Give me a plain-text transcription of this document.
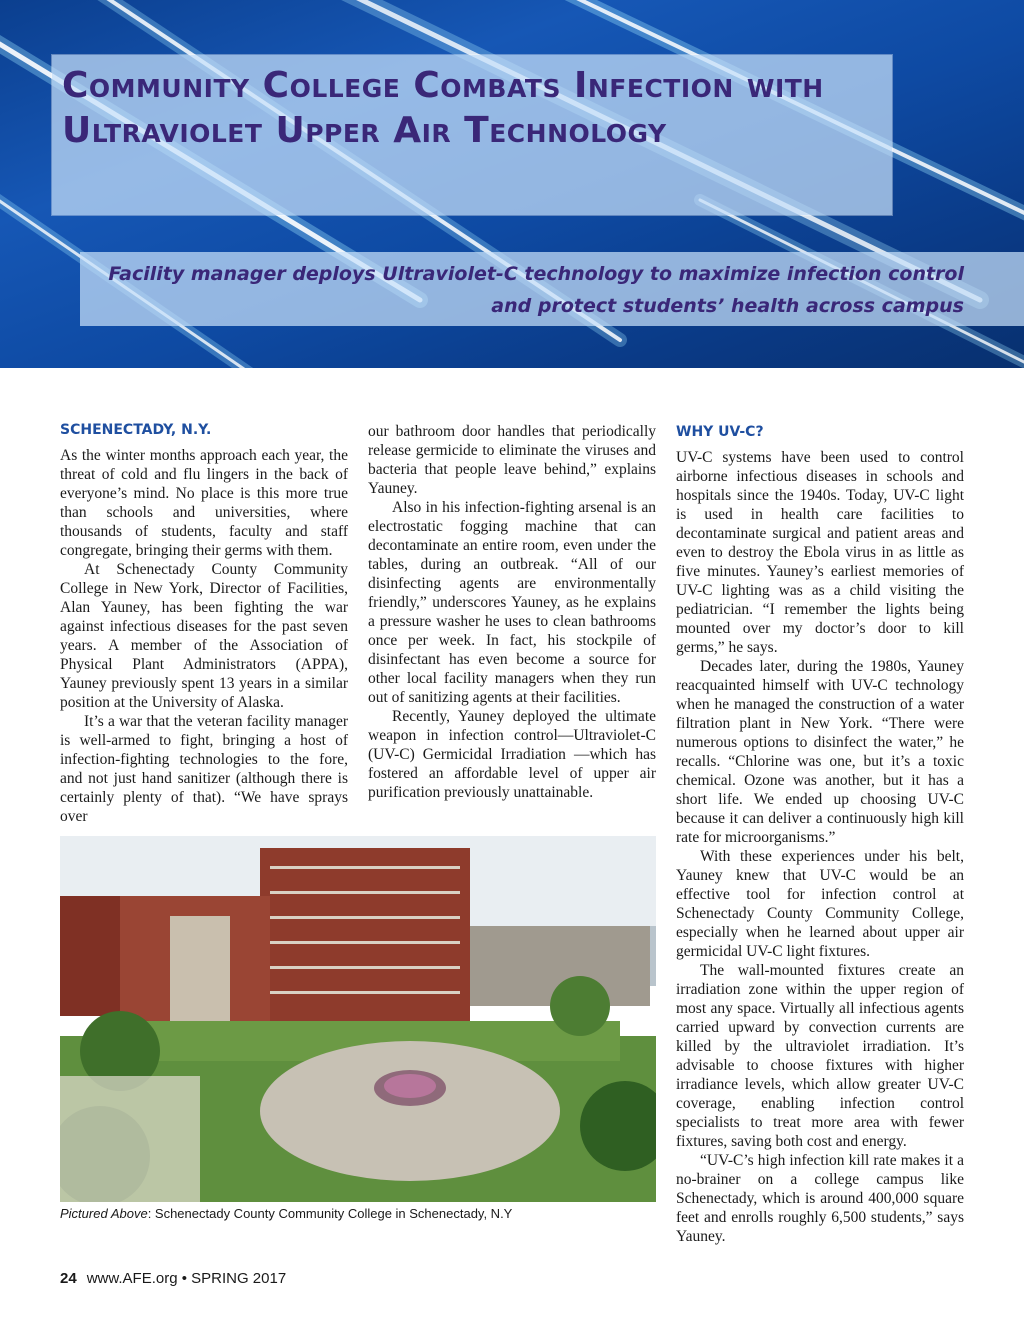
Community College Combats Infection with Ultraviolet Upper Air Technology

Facility manager deploys Ultraviolet-C technology to maximize infection control
and protect students’ health across campus

SCHENECTADY, N.Y.

As the winter months approach each year, the threat of cold and flu lingers in the back of everyone’s mind. No place is this more true than schools and universities, where thousands of students, faculty and staff congregate, bringing their germs with them.

At Schenectady County Community College in New York, Director of Facilities, Alan Yauney, has been fighting the war against infectious diseases for the past seven years. A member of the Association of Physical Plant Administrators (APPA), Yauney previously spent 13 years in a similar position at the University of Alaska.

It’s a war that the veteran facility manager is well-armed to fight, bringing a host of infection-fighting technologies to the fore, and not just hand sanitizer (although there is certainly plenty of that). “We have sprays over

our bathroom door handles that periodically release germicide to eliminate the viruses and bacteria that people leave behind,” explains Yauney.

Also in his infection-fighting arsenal is an electrostatic fogging machine that can decontaminate an entire room, even under the tables, during an outbreak. “All of our disinfecting agents are environmentally friendly,” underscores Yauney, as he explains a pressure washer he uses to clean bathrooms once per week. In fact, his stockpile of disinfectant has even become a source for other local facility managers when they run out of sanitizing agents at their facilities.

Recently, Yauney deployed the ultimate weapon in infection control—Ultraviolet-C (UV-C) Germicidal Irradiation —which has fostered an affordable level of upper air purification previously unattainable.

WHY UV-C?

UV-C systems have been used to control airborne infectious diseases in schools and hospitals since the 1940s. Today, UV-C light is used in health care facilities to decontaminate surgical and patient areas and even to destroy the Ebola virus in as little as five minutes. Yauney’s earliest memories of UV-C lighting was as a child visiting the pediatrician. “I remember the lights being mounted over my doctor’s door to kill germs,” he says.

Decades later, during the 1980s, Yauney reacquainted himself with UV-C technology when he managed the construction of a water filtration plant in New York. “There were numerous options to disinfect the water,” he recalls. “Chlorine was one, but it’s a toxic chemical. Ozone was another, but it has a short life. We ended up choosing UV-C because it can deliver a continuously high kill rate for microorganisms.”

With these experiences under his belt, Yauney knew that UV-C would be an effective tool for infection control at Schenectady County Community College, especially when he learned about upper air germicidal UV-C light fixtures.

The wall-mounted fixtures create an irradiation zone within the upper region of most any space. Virtually all infectious agents carried upward by convection currents are killed by the ultraviolet irradiation. It’s advisable to choose fixtures with higher irradiance levels, which allow greater UV-C coverage, enabling infection control specialists to treat more area with fewer fixtures, saving both cost and energy.

“UV-C’s high infection kill rate makes it a no-brainer on a college campus like Schenectady, which is around 400,000 square feet and enrolls roughly 6,500 students,” says Yauney.

Pictured Above: Schenectady County Community College in Schenectady, N.Y
24 www.AFE.org • SPRING 2017
